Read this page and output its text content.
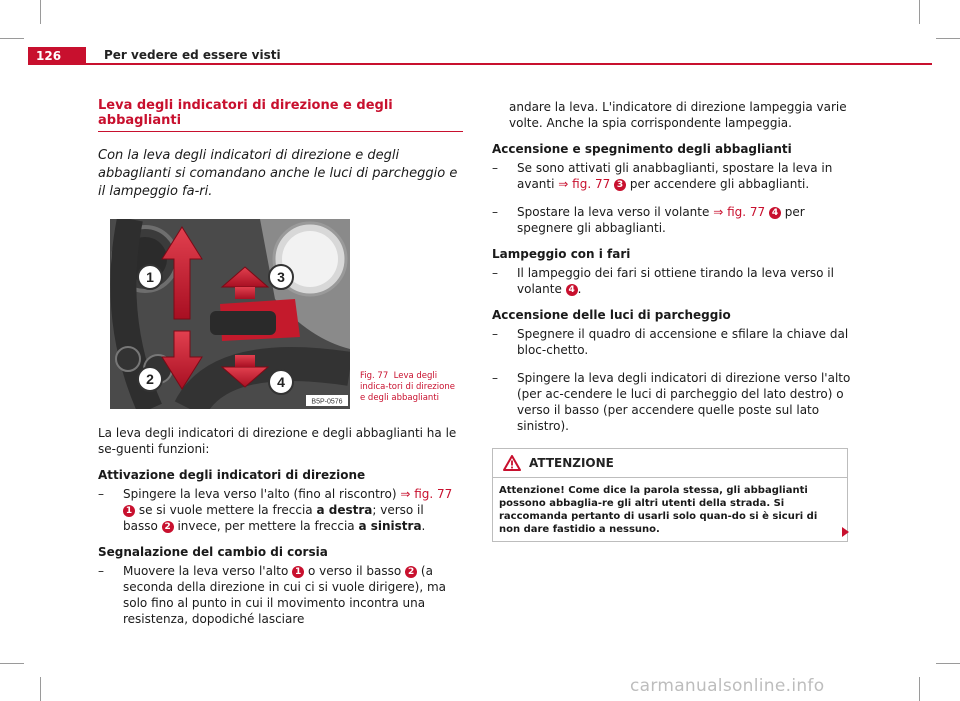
126	Per vedere ed essere visti
Leva degli indicatori di direzione e degli abbaglianti
Con la leva degli indicatori di direzione e degli abbaglianti si comandano anche le luci di parcheggio e il lampeggio fa-ri.
1
2
3
4
B5P-0576
Fig. 77 Leva degli indica-tori di direzione e degli abbaglianti

La leva degli indicatori di direzione e degli abbaglianti ha le se-guenti funzioni:

Attivazione degli indicatori di direzione
– Spingere la leva verso l'alto (fino al riscontro) ⇒ fig. 77 1 se si vuole mettere la freccia a destra; verso il basso 2 invece, per mettere la freccia a sinistra.
Segnalazione del cambio di corsia
– Muovere la leva verso l'alto 1 o verso il basso 2 (a seconda della direzione in cui ci si vuole dirigere), ma solo fino al punto in cui il movimento incontra una resistenza, dopodiché lasciare
andare la leva. L'indicatore di direzione lampeggia varie volte. Anche la spia corrispondente lampeggia.
Accensione e spegnimento degli abbaglianti
– Se sono attivati gli anabbaglianti, spostare la leva in avanti ⇒ fig. 77 3 per accendere gli abbaglianti.
– Spostare la leva verso il volante ⇒ fig. 77 4 per spegnere gli abbaglianti.
Lampeggio con i fari
– Il lampeggio dei fari si ottiene tirando la leva verso il volante 4 .
Accensione delle luci di parcheggio
– Spegnere il quadro di accensione e sfilare la chiave dal bloc-chetto.
– Spingere la leva degli indicatori di direzione verso l'alto (per ac-cendere le luci di parcheggio del lato destro) o verso il basso (per accendere quelle poste sul lato sinistro).
ATTENZIONE
Attenzione! Come dice la parola stessa, gli abbaglianti possono abbaglia-re gli altri utenti della strada. Si raccomanda pertanto di usarli solo quan-do si è sicuri di non dare fastidio a nessuno.
carmanualsonline.info
